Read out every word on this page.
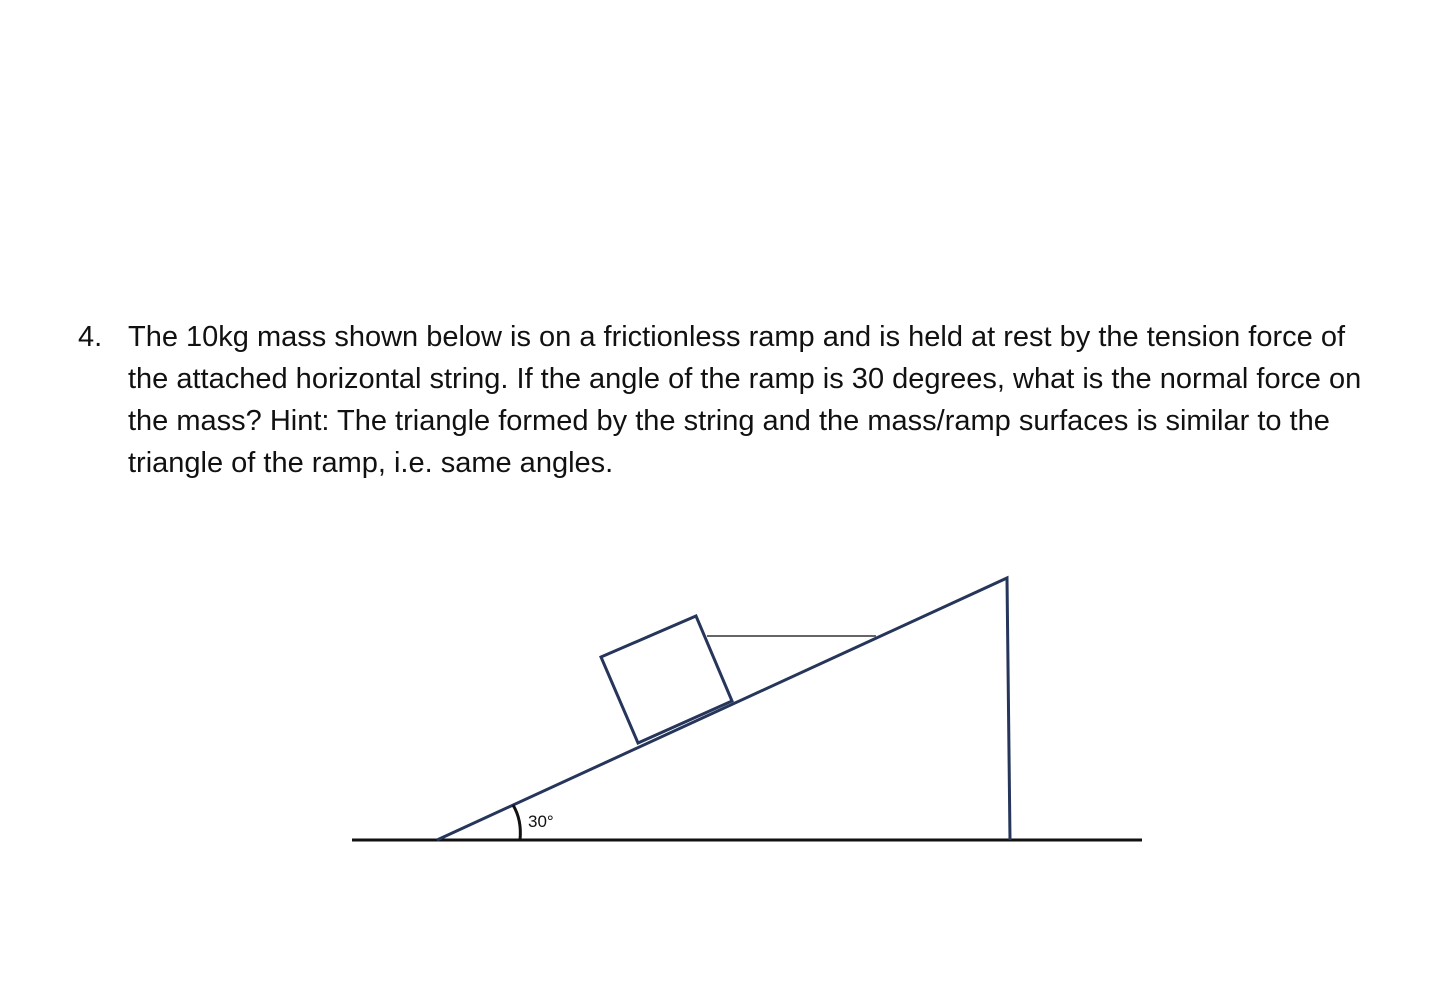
4. The 10kg mass shown below is on a frictionless ramp and is held at rest by the tension force of the attached horizontal string. If the angle of the ramp is 30 degrees, what is the normal force on the mass? Hint: The triangle formed by the string and the mass/ramp surfaces is similar to the triangle of the ramp, i.e. same angles.
30°
